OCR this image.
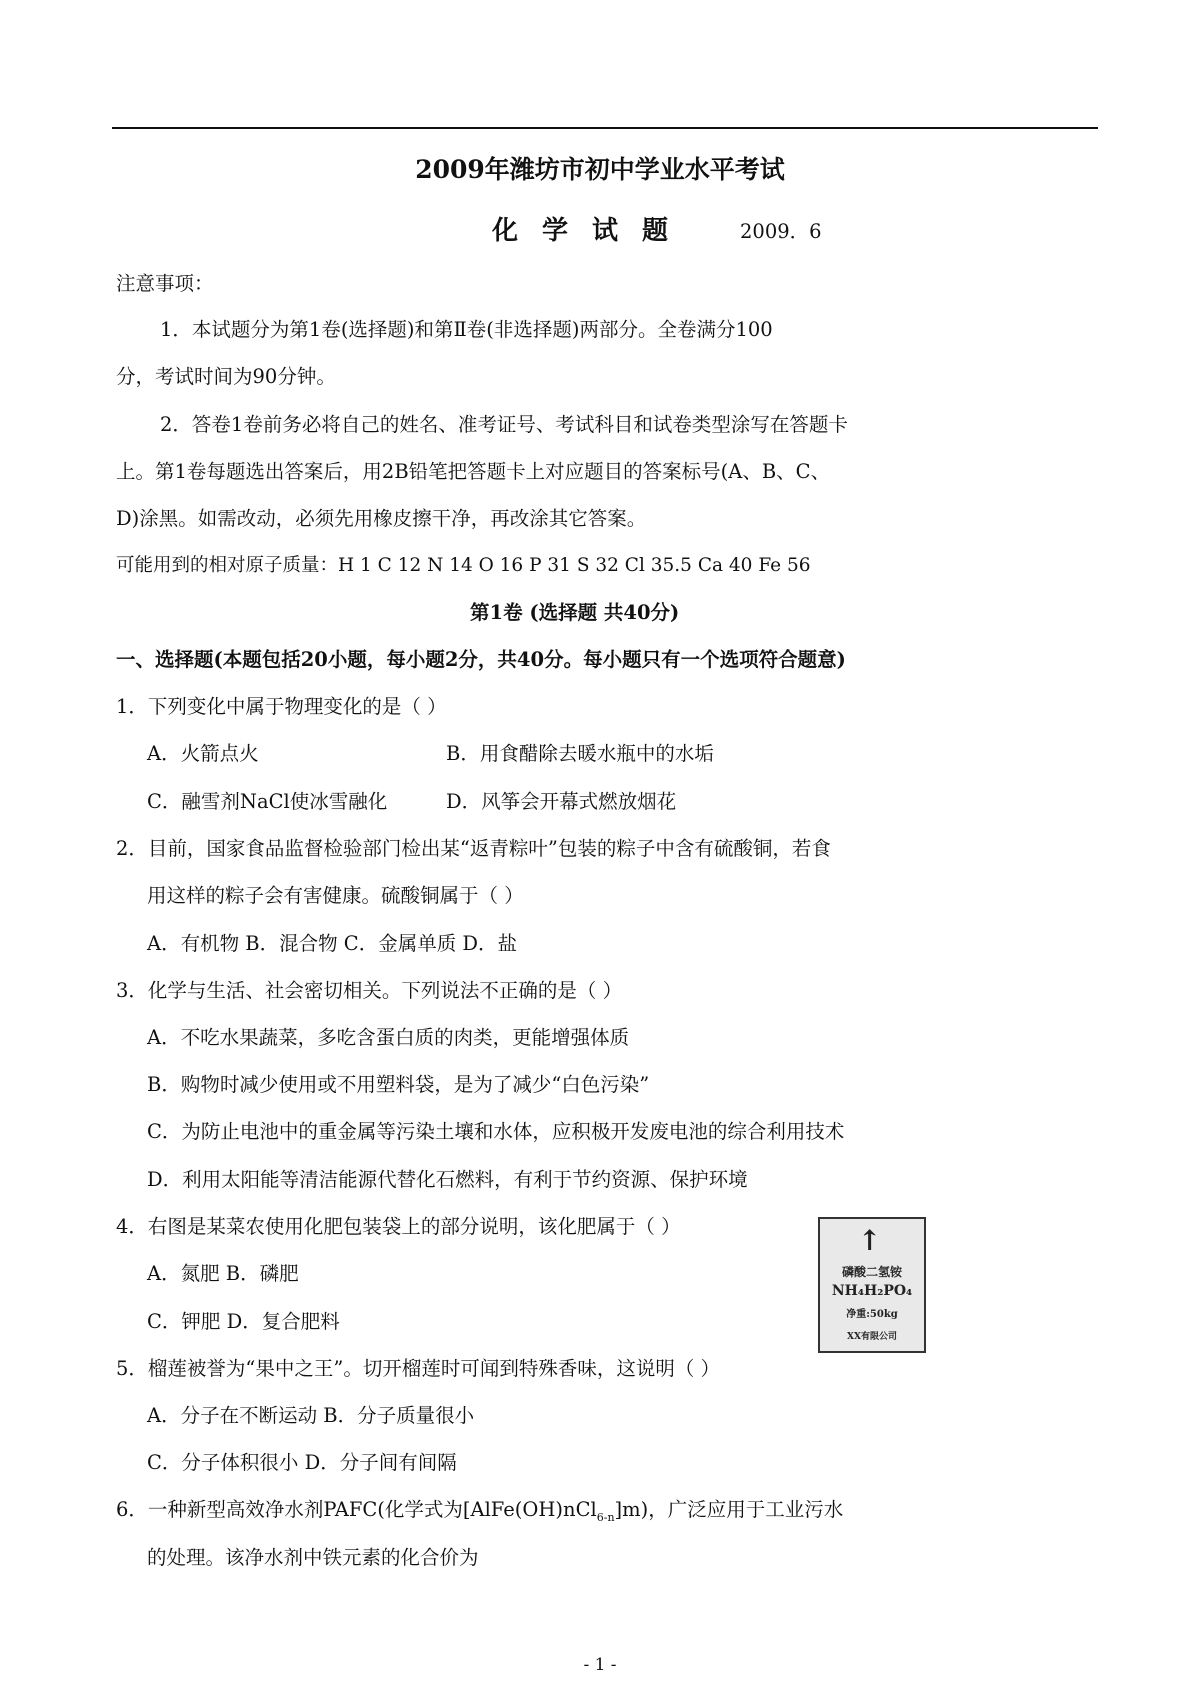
2009年潍坊市初中学业水平考试
化学试题 2009．6
注意事项：
1．本试题分为第1卷(选择题)和第Ⅱ卷(非选择题)两部分。全卷满分100
分，考试时间为90分钟。
2．答卷1卷前务必将自己的姓名、准考证号、考试科目和试卷类型涂写在答题卡
上。第1卷每题选出答案后，用2B铅笔把答题卡上对应题目的答案标号(A、B、C、
D)涂黑。如需改动，必须先用橡皮擦干净，再改涂其它答案。
可能用到的相对原子质量：H 1 C 12 N 14 O 16 P 31 S 32 Cl 35.5 Ca 40 Fe 56
第1卷 (选择题 共40分)
一、选择题(本题包括20小题，每小题2分，共40分。每小题只有一个选项符合题意)
1．下列变化中属于物理变化的是（ ）
A．火箭点火	B．用食醋除去暖水瓶中的水垢
C．融雪剂NaCl使冰雪融化	D．风筝会开幕式燃放烟花
2．目前，国家食品监督检验部门检出某“返青粽叶”包装的粽子中含有硫酸铜，若食
用这样的粽子会有害健康。硫酸铜属于（ ）
A．有机物 B．混合物 C．金属单质 D．盐
3．化学与生活、社会密切相关。下列说法不正确的是（ ）
A．不吃水果蔬菜，多吃含蛋白质的肉类，更能增强体质
B．购物时减少使用或不用塑料袋，是为了减少“白色污染”
C．为防止电池中的重金属等污染土壤和水体，应积极开发废电池的综合利用技术
D．利用太阳能等清洁能源代替化石燃料，有利于节约资源、保护环境
4．右图是某菜农使用化肥包装袋上的部分说明，该化肥属于（ ）
A．氮肥 B．磷肥
C．钾肥 D．复合肥料
↑
磷酸二氢铵
NH₄H₂PO₄
净重:50kg
XX有限公司
5．榴莲被誉为“果中之王”。切开榴莲时可闻到特殊香味，这说明（ ）
A．分子在不断运动 B．分子质量很小
C．分子体积很小 D．分子间有间隔
6．一种新型高效净水剂PAFC(化学式为[AlFe(OH)nCl$_{6-n}$]m)，广泛应用于工业污水
的处理。该净水剂中铁元素的化合价为
- 1 -
